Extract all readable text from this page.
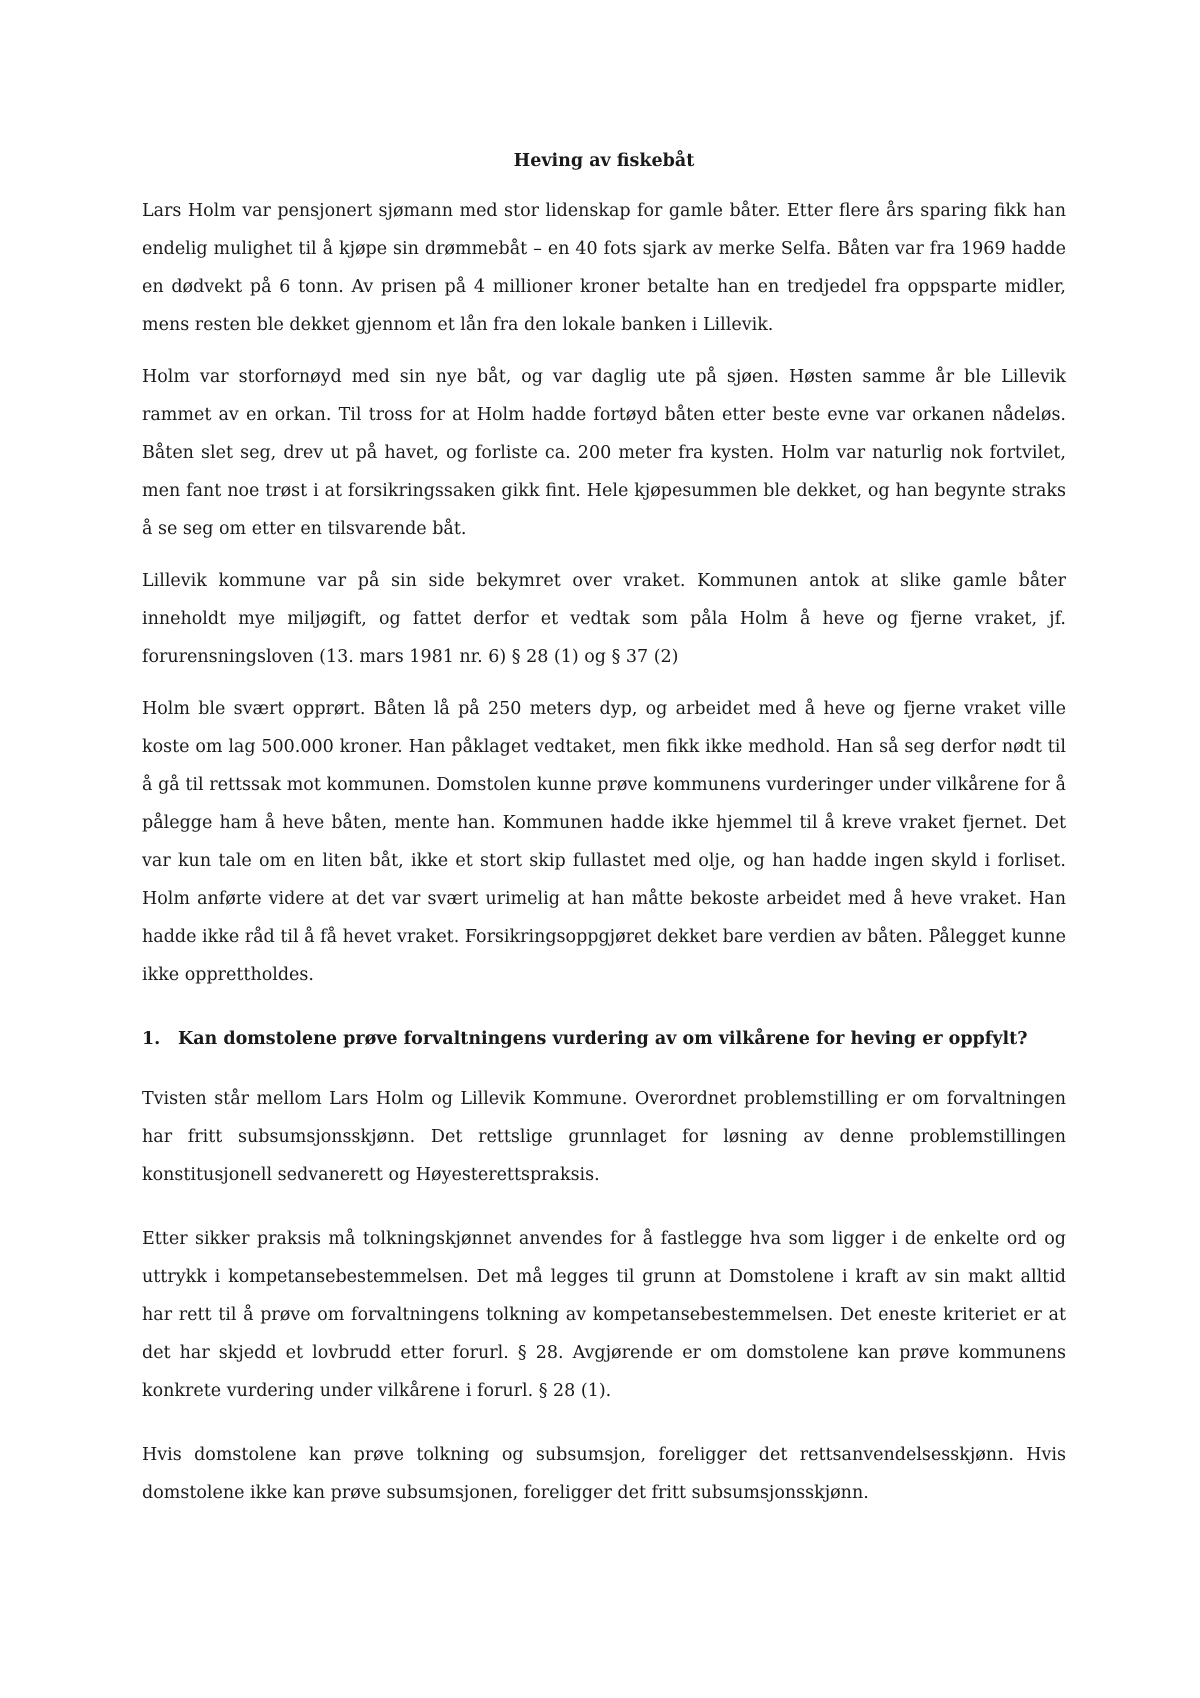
Heving av fiskebåt

Lars Holm var pensjonert sjømann med stor lidenskap for gamle båter. Etter flere års sparing fikk han endelig mulighet til å kjøpe sin drømmebåt – en 40 fots sjark av merke Selfa. Båten var fra 1969 hadde en dødvekt på 6 tonn. Av prisen på 4 millioner kroner betalte han en tredjedel fra oppsparte midler, mens resten ble dekket gjennom et lån fra den lokale banken i Lillevik.

Holm var storfornøyd med sin nye båt, og var daglig ute på sjøen. Høsten samme år ble Lillevik rammet av en orkan. Til tross for at Holm hadde fortøyd båten etter beste evne var orkanen nådeløs. Båten slet seg, drev ut på havet, og forliste ca. 200 meter fra kysten. Holm var naturlig nok fortvilet, men fant noe trøst i at forsikringssaken gikk fint. Hele kjøpesummen ble dekket, og han begynte straks å se seg om etter en tilsvarende båt.

Lillevik kommune var på sin side bekymret over vraket. Kommunen antok at slike gamle båter inneholdt mye miljøgift, og fattet derfor et vedtak som påla Holm å heve og fjerne vraket, jf. forurensningsloven (13. mars 1981 nr. 6) § 28 (1) og § 37 (2)

Holm ble svært opprørt. Båten lå på 250 meters dyp, og arbeidet med å heve og fjerne vraket ville koste om lag 500.000 kroner. Han påklaget vedtaket, men fikk ikke medhold. Han så seg derfor nødt til å gå til rettssak mot kommunen. Domstolen kunne prøve kommunens vurderinger under vilkårene for å pålegge ham å heve båten, mente han. Kommunen hadde ikke hjemmel til å kreve vraket fjernet. Det var kun tale om en liten båt, ikke et stort skip fullastet med olje, og han hadde ingen skyld i forliset. Holm anførte videre at det var svært urimelig at han måtte bekoste arbeidet med å heve vraket. Han hadde ikke råd til å få hevet vraket. Forsikringsoppgjøret dekket bare verdien av båten. Pålegget kunne ikke opprettholdes.

1. Kan domstolene prøve forvaltningens vurdering av om vilkårene for heving er oppfylt?

Tvisten står mellom Lars Holm og Lillevik Kommune. Overordnet problemstilling er om forvaltningen har fritt subsumsjonsskjønn. Det rettslige grunnlaget for løsning av denne problemstillingen konstitusjonell sedvanerett og Høyesterettspraksis.

Etter sikker praksis må tolkningskjønnet anvendes for å fastlegge hva som ligger i de enkelte ord og uttrykk i kompetansebestemmelsen. Det må legges til grunn at Domstolene i kraft av sin makt alltid har rett til å prøve om forvaltningens tolkning av kompetansebestemmelsen. Det eneste kriteriet er at det har skjedd et lovbrudd etter forurl. § 28. Avgjørende er om domstolene kan prøve kommunens konkrete vurdering under vilkårene i forurl. § 28 (1).

Hvis domstolene kan prøve tolkning og subsumsjon, foreligger det rettsanvendelsesskjønn. Hvis domstolene ikke kan prøve subsumsjonen, foreligger det fritt subsumsjonsskjønn.
